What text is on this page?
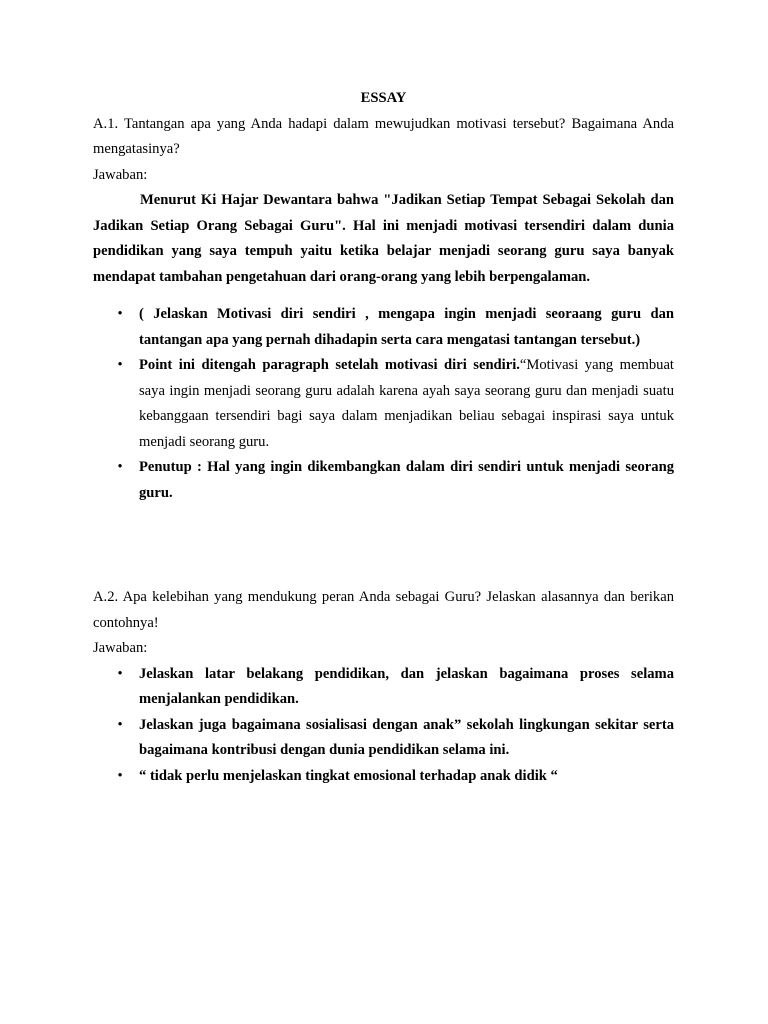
ESSAY

A.1. Tantangan apa yang Anda hadapi dalam mewujudkan motivasi tersebut? Bagaimana Anda mengatasinya?

Jawaban:

Menurut Ki Hajar Dewantara bahwa "Jadikan Setiap Tempat Sebagai Sekolah dan Jadikan Setiap Orang Sebagai Guru". Hal ini menjadi motivasi tersendiri dalam dunia pendidikan yang saya tempuh yaitu ketika belajar menjadi seorang guru saya banyak mendapat tambahan pengetahuan dari orang-orang yang lebih berpengalaman.

• ( Jelaskan Motivasi diri sendiri , mengapa ingin menjadi seoraang guru dan tantangan apa yang pernah dihadapin serta cara mengatasi tantangan tersebut.)
• Point ini ditengah paragraph setelah motivasi diri sendiri.“Motivasi yang membuat saya ingin menjadi seorang guru adalah karena ayah saya seorang guru dan menjadi suatu kebanggaan tersendiri bagi saya dalam menjadikan beliau sebagai inspirasi saya untuk menjadi seorang guru.
• Penutup : Hal yang ingin dikembangkan dalam diri sendiri untuk menjadi seorang guru.

A.2. Apa kelebihan yang mendukung peran Anda sebagai Guru? Jelaskan alasannya dan berikan contohnya!

Jawaban:

• Jelaskan latar belakang pendidikan, dan jelaskan bagaimana proses selama menjalankan pendidikan.
• Jelaskan juga bagaimana sosialisasi dengan anak” sekolah lingkungan sekitar serta bagaimana kontribusi dengan dunia pendidikan selama ini.
• “ tidak perlu menjelaskan tingkat emosional terhadap anak didik “
